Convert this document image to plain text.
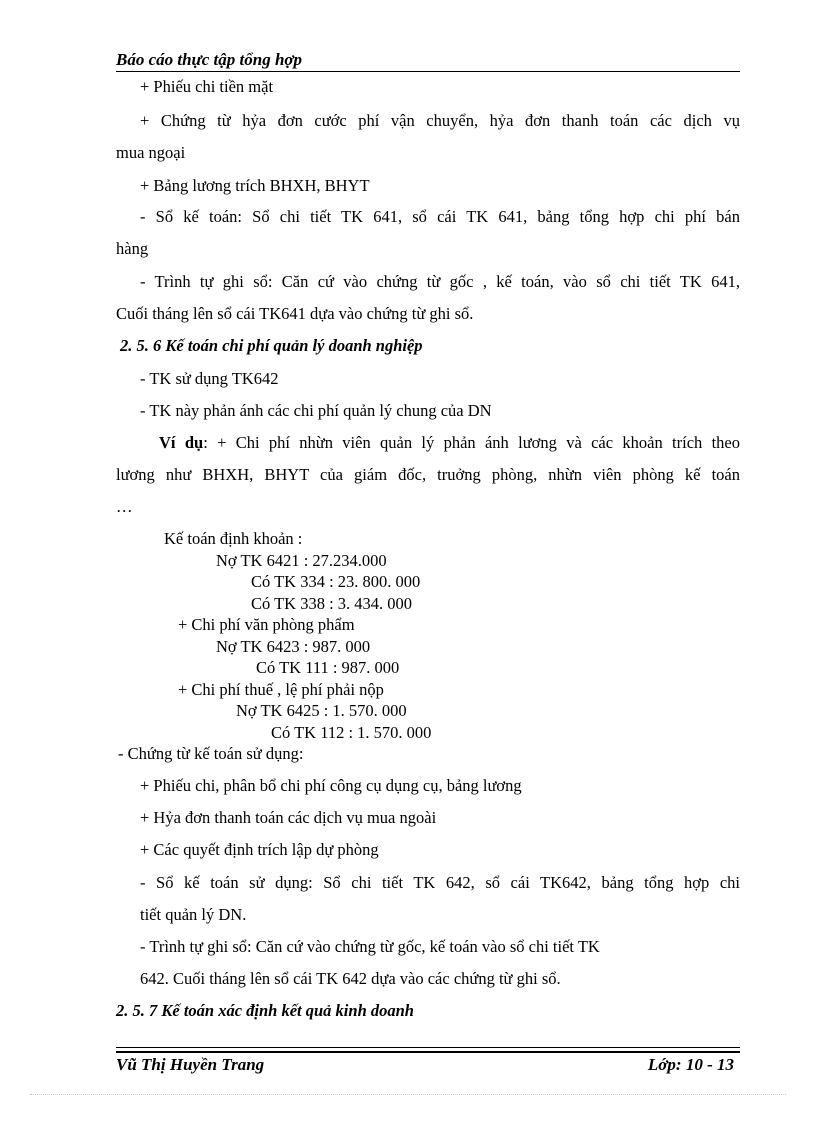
Báo cáo thực tập tổng hợp
+ Phiếu chi tiền mặt
+ Chứng từ hỷa đơn cước phí vận chuyển, hỷa đơn thanh toán các dịch vụ
mua ngoại
+ Bảng lương trích BHXH, BHYT
- Sổ kế toán: Sổ chi tiết TK 641, sổ cái TK 641, bảng tổng hợp chi phí bán
hàng
- Trình tự ghi sổ: Căn cứ vào chứng từ gốc , kế toán, vào sổ chi tiết TK 641,
Cuối tháng lên sổ cái TK641 dựa vào chứng từ ghi sổ.
2. 5. 6 Kế toán chi phí quản lý doanh nghiệp
- TK sử dụng TK642
- TK này phản ánh các chi phí quản lý chung của DN
Ví dụ: + Chi phí nhừn viên quản lý phản ánh lương và các khoản trích theo
lương như BHXH, BHYT của giám đốc, truởng phòng, nhừn viên phòng kế toán
…
Kế toán định khoản :
Nợ TK 6421 : 27.234.000
Có TK 334 : 23. 800. 000
Có TK 338 : 3. 434. 000
+ Chi phí văn phòng phẩm
Nợ TK 6423 : 987. 000
Có TK 111 : 987. 000
+ Chi phí thuế , lệ phí phải nộp
Nợ TK 6425 : 1. 570. 000
Có TK 112 : 1. 570. 000
- Chứng từ kế toán sử dụng:
+ Phiếu chi, phân bổ chi phí công cụ dụng cụ, bảng lương
+ Hỷa đơn thanh toán các dịch vụ mua ngoài
+ Các quyết định trích lập dự phòng
- Sổ kế toán sử dụng: Sổ chi tiết TK 642, sổ cái TK642, bảng tổng hợp chi
tiết quản lý DN.
- Trình tự ghi sổ: Căn cứ vào chứng từ gốc, kế toán vào sổ chi tiết TK
642. Cuối tháng lên sổ cái TK 642 dựa vào các chứng từ ghi sổ.
2. 5. 7 Kế toán xác định kết quả kinh doanh
Vũ Thị Huyền Trang	Lớp: 10 - 13
